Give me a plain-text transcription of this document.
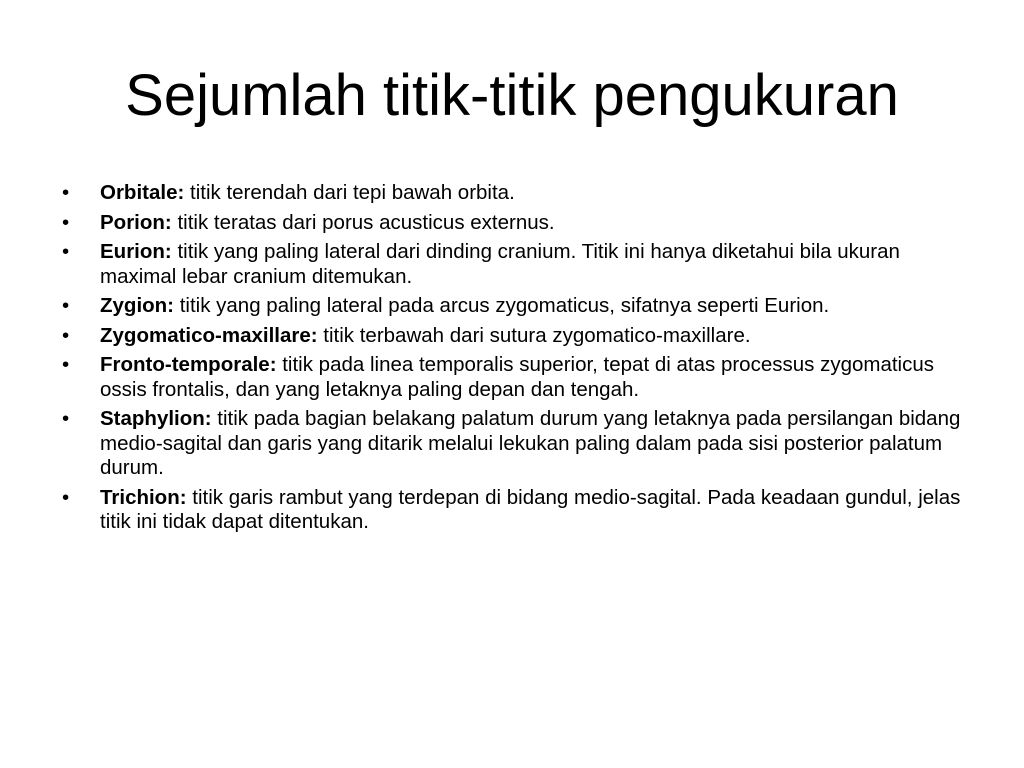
Sejumlah titik-titik pengukuran
•	Orbitale: titik terendah dari tepi bawah orbita.
•	Porion: titik teratas dari porus acusticus externus.
•	Eurion: titik yang paling lateral dari dinding cranium. Titik ini hanya diketahui bila ukuran maximal lebar cranium ditemukan.
•	Zygion: titik yang paling lateral pada arcus zygomaticus, sifatnya seperti Eurion.
•	Zygomatico-maxillare: titik terbawah dari sutura zygomatico-maxillare.
•	Fronto-temporale: titik pada linea temporalis superior, tepat di atas processus zygomaticus ossis frontalis, dan yang letaknya paling depan dan tengah.
•	Staphylion: titik pada bagian belakang palatum durum yang letaknya pada persilangan bidang medio-sagital dan garis yang ditarik melalui lekukan paling dalam pada sisi posterior palatum durum.
•	Trichion: titik garis rambut yang terdepan di bidang medio-sagital. Pada keadaan gundul, jelas titik ini tidak dapat ditentukan.
